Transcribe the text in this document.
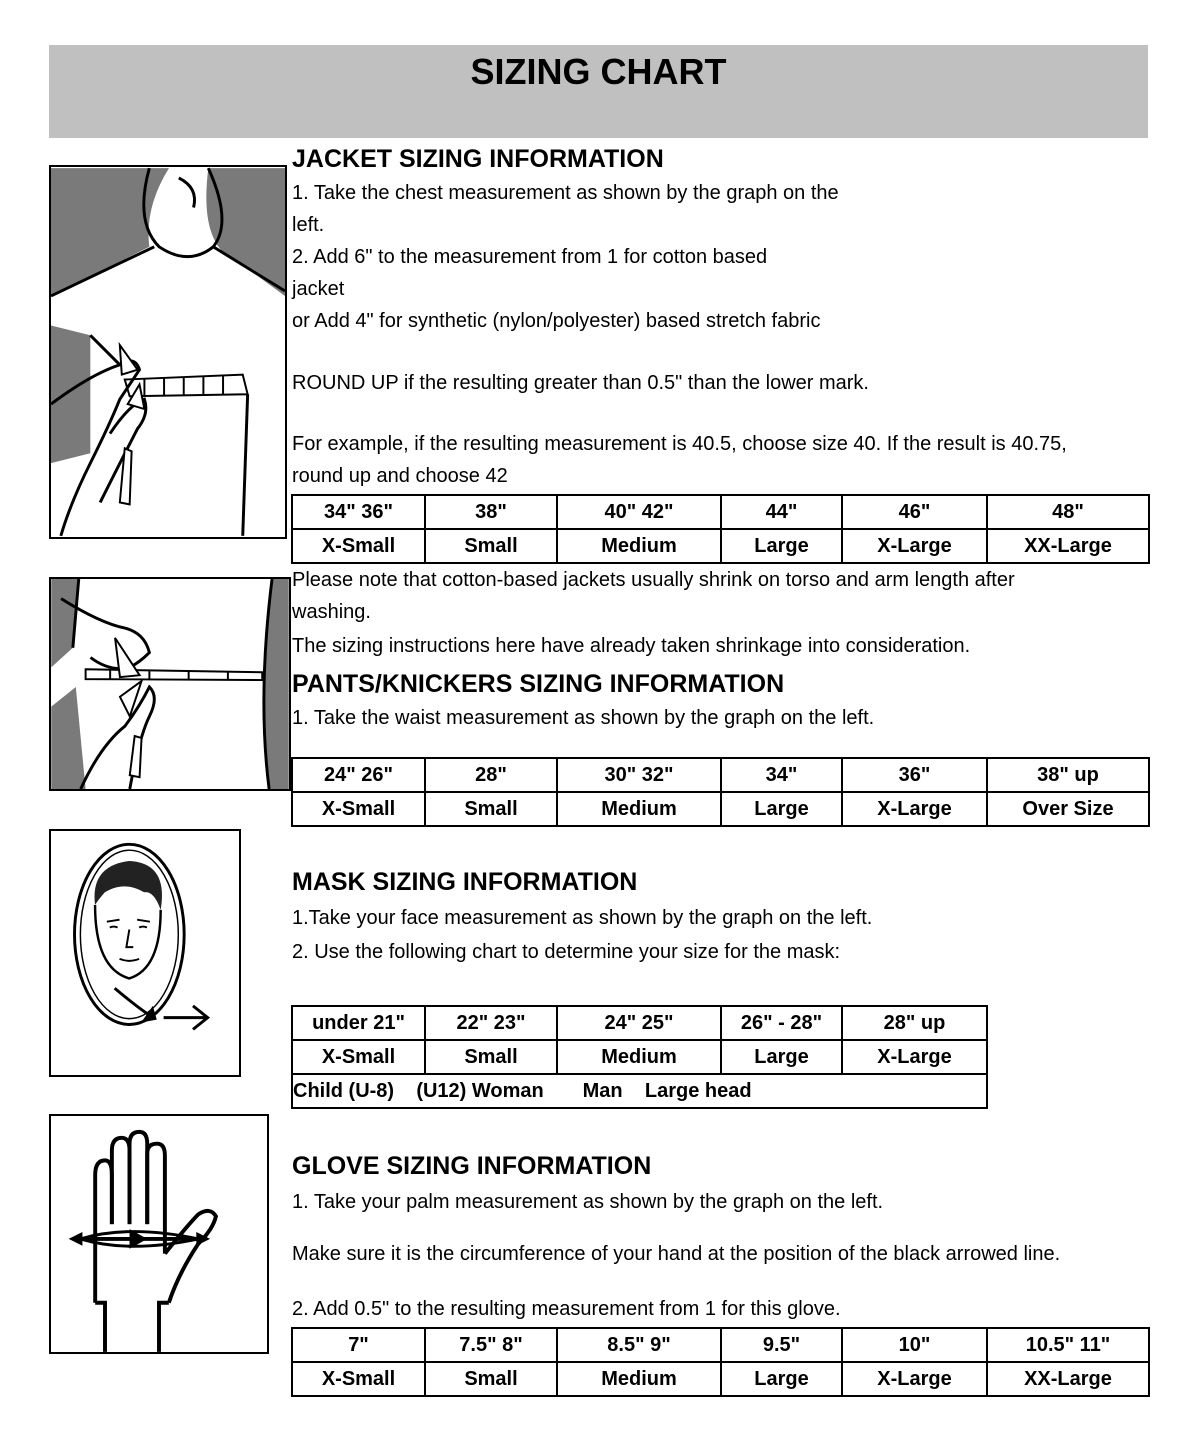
SIZING CHART
JACKET SIZING INFORMATION

1. Take the chest measurement as shown by the graph on the

left.

2. Add 6" to the measurement from 1 for cotton based

jacket

or Add 4" for synthetic (nylon/polyester) based stretch fabric

ROUND UP if the resulting greater than 0.5" than the lower mark.

For example, if the resulting measurement is 40.5, choose size 40. If the result is 40.75,

round up and choose 42

34" 36"	38"	40" 42"	44"	46"	48"
X-Small	Small	Medium	Large	X-Large	XX-Large

Please note that cotton-based jackets usually shrink on torso and arm length after

washing.

The sizing instructions here have already taken shrinkage into consideration.

PANTS/KNICKERS SIZING INFORMATION

1. Take the waist measurement as shown by the graph on the left.

24" 26"	28"	30" 32"	34"	36"	38" up
X-Small	Small	Medium	Large	X-Large	Over Size
MASK SIZING INFORMATION

1.Take your face measurement as shown by the graph on the left.

2. Use the following chart to determine your size for the mask:

under 21"	22" 23"	24" 25"	26" - 28"	28" up
X-Small	Small	Medium	Large	X-Large
Child (U-8)    (U12) Woman       Man    Large head				
GLOVE SIZING INFORMATION

1. Take your palm measurement as shown by the graph on the left.

Make sure it is the circumference of your hand at the position of the black arrowed line.

2. Add 0.5" to the resulting measurement from 1 for this glove.

7"	7.5" 8"	8.5" 9"	9.5"	10"	10.5" 11"
X-Small	Small	Medium	Large	X-Large	XX-Large
